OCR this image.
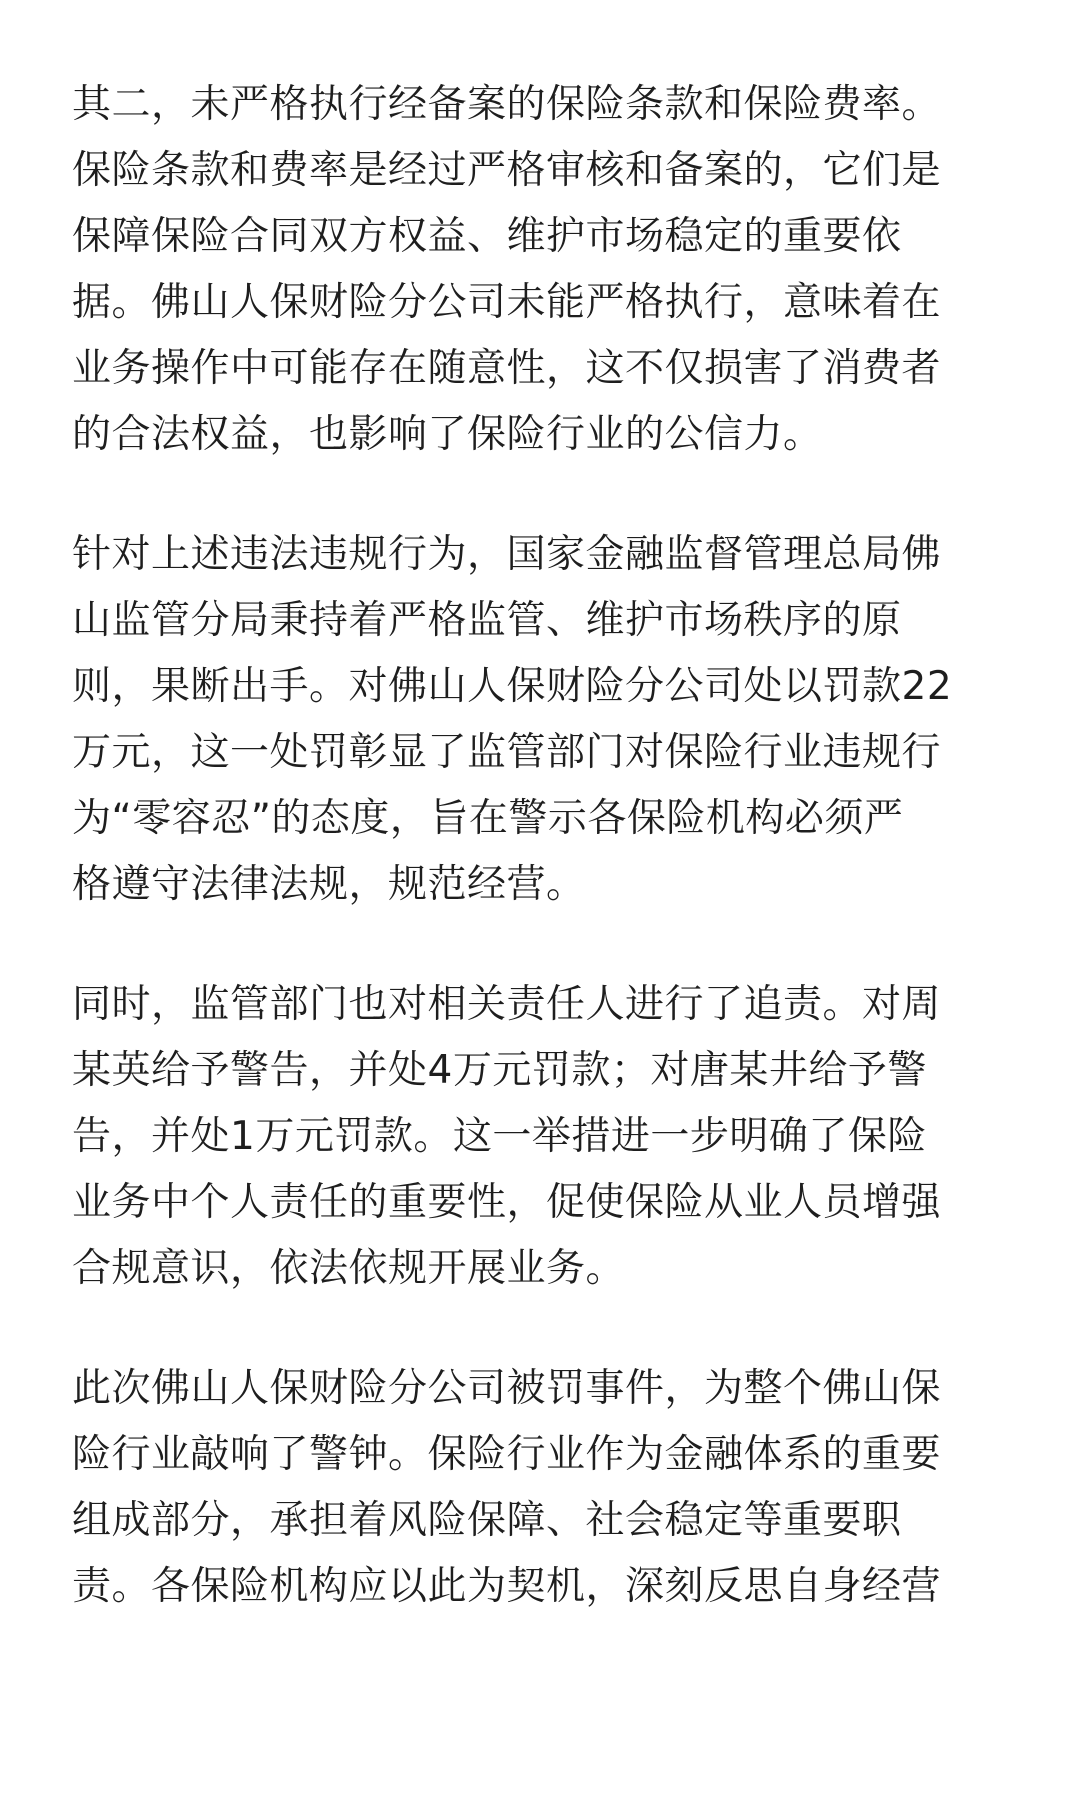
其二，未严格执行经备案的保险条款和保险费率。
保险条款和费率是经过严格审核和备案的，它们是
保障保险合同双方权益、维护市场稳定的重要依
据。佛山人保财险分公司未能严格执行，意味着在
业务操作中可能存在随意性，这不仅损害了消费者
的合法权益，也影响了保险行业的公信力。
针对上述违法违规行为，国家金融监督管理总局佛
山监管分局秉持着严格监管、维护市场秩序的原
则，果断出手。对佛山人保财险分公司处以罚款22
万元，这一处罚彰显了监管部门对保险行业违规行
为“零容忍”的态度，旨在警示各保险机构必须严
格遵守法律法规，规范经营。
同时，监管部门也对相关责任人进行了追责。对周
某英给予警告，并处4万元罚款；对唐某井给予警
告，并处1万元罚款。这一举措进一步明确了保险
业务中个人责任的重要性，促使保险从业人员增强
合规意识，依法依规开展业务。
此次佛山人保财险分公司被罚事件，为整个佛山保
险行业敲响了警钟。保险行业作为金融体系的重要
组成部分，承担着风险保障、社会稳定等重要职
责。各保险机构应以此为契机，深刻反思自身经营
